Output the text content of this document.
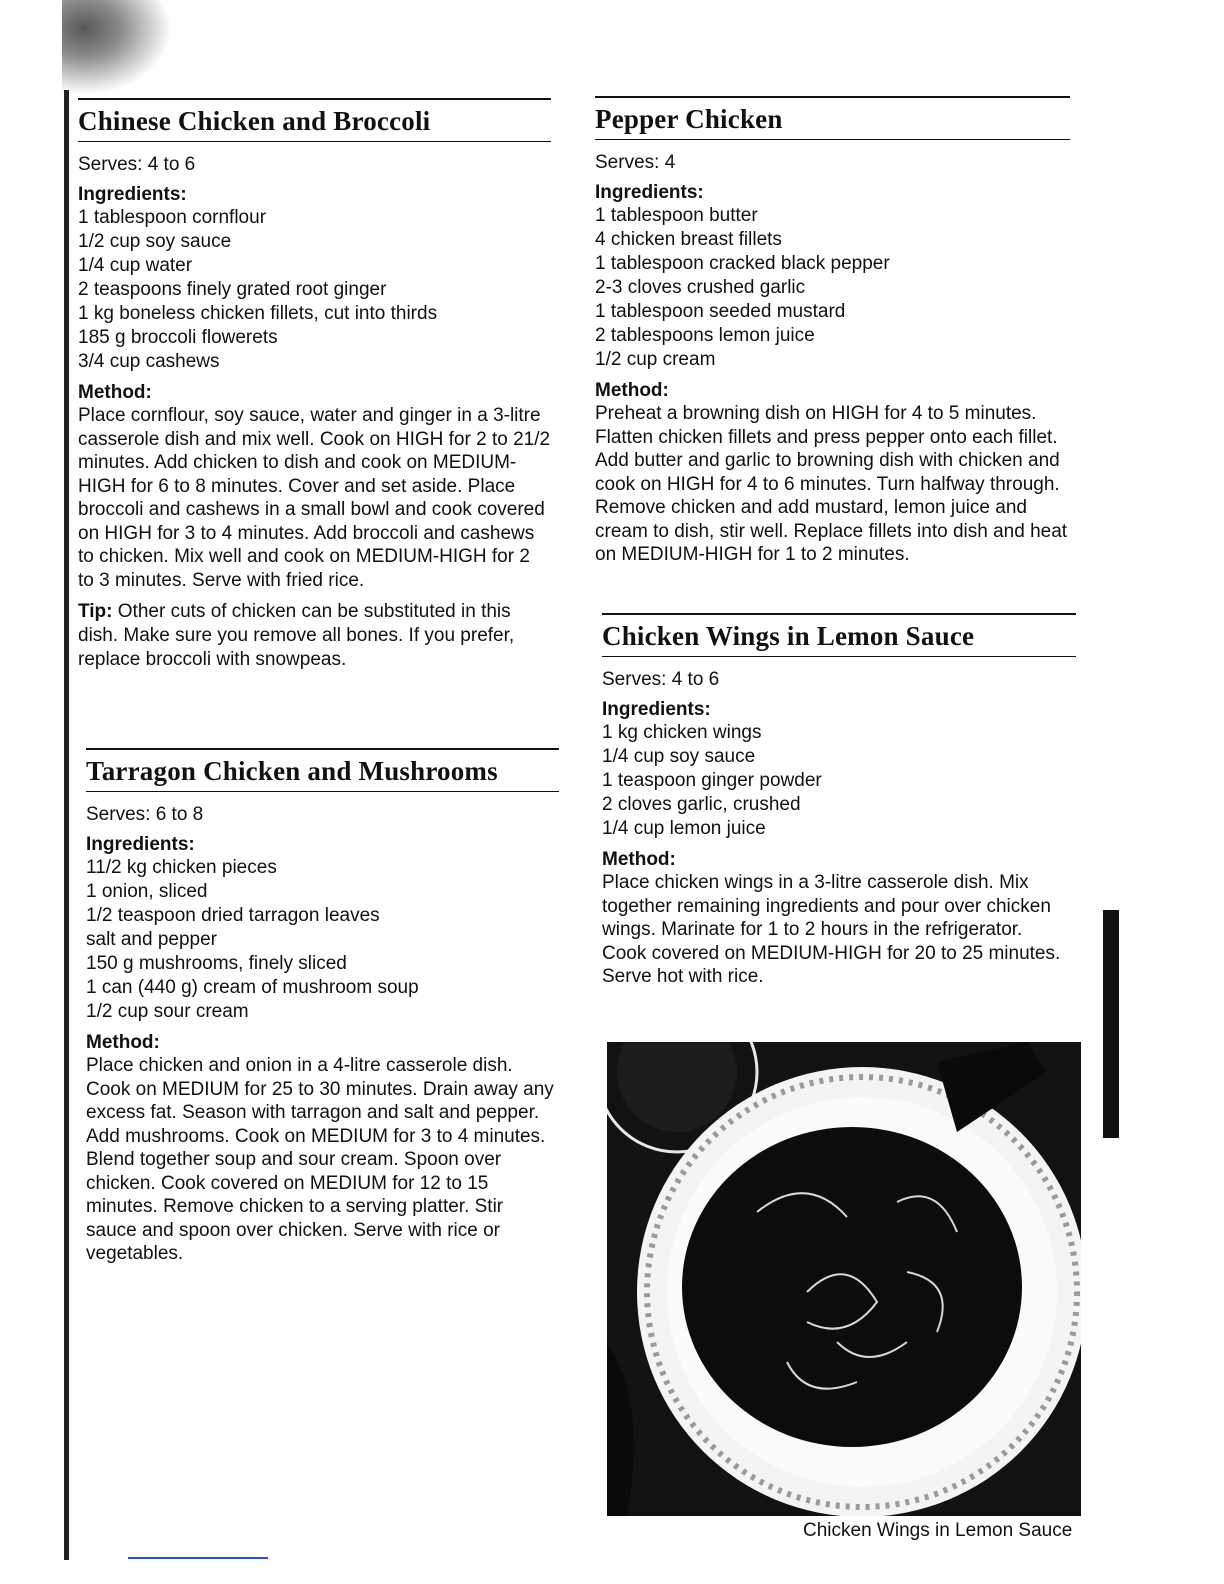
Chinese Chicken and Broccoli
Serves: 4 to 6
Ingredients:
1 tablespoon cornflour
1/2 cup soy sauce
1/4 cup water
2 teaspoons finely grated root ginger
1 kg boneless chicken fillets, cut into thirds
185 g broccoli flowerets
3/4 cup cashews
Method:

Place cornflour, soy sauce, water and ginger in a 3-litre casserole dish and mix well. Cook on HIGH for 2 to 21/2 minutes. Add chicken to dish and cook on MEDIUM-HIGH for 6 to 8 minutes. Cover and set aside. Place broccoli and cashews in a small bowl and cook covered on HIGH for 3 to 4 minutes. Add broccoli and cashews to chicken. Mix well and cook on MEDIUM-HIGH for 2 to 3 minutes. Serve with fried rice.

Tip: Other cuts of chicken can be substituted in this dish. Make sure you remove all bones. If you prefer, replace broccoli with snowpeas.

Tarragon Chicken and Mushrooms
Serves: 6 to 8
Ingredients:
11/2 kg chicken pieces
1 onion, sliced
1/2 teaspoon dried tarragon leaves
salt and pepper
150 g mushrooms, finely sliced
1 can (440 g) cream of mushroom soup
1/2 cup sour cream
Method:

Place chicken and onion in a 4-litre casserole dish. Cook on MEDIUM for 25 to 30 minutes. Drain away any excess fat. Season with tarragon and salt and pepper. Add mushrooms. Cook on MEDIUM for 3 to 4 minutes. Blend together soup and sour cream. Spoon over chicken. Cook covered on MEDIUM for 12 to 15 minutes. Remove chicken to a serving platter. Stir sauce and spoon over chicken. Serve with rice or vegetables.

Pepper Chicken
Serves: 4
Ingredients:
1 tablespoon butter
4 chicken breast fillets
1 tablespoon cracked black pepper
2-3 cloves crushed garlic
1 tablespoon seeded mustard
2 tablespoons lemon juice
1/2 cup cream
Method:

Preheat a browning dish on HIGH for 4 to 5 minutes. Flatten chicken fillets and press pepper onto each fillet. Add butter and garlic to browning dish with chicken and cook on HIGH for 4 to 6 minutes. Turn halfway through. Remove chicken and add mustard, lemon juice and cream to dish, stir well. Replace fillets into dish and heat on MEDIUM-HIGH for 1 to 2 minutes.

Chicken Wings in Lemon Sauce
Serves: 4 to 6
Ingredients:
1 kg chicken wings
1/4 cup soy sauce
1 teaspoon ginger powder
2 cloves garlic, crushed
1/4 cup lemon juice
Method:

Place chicken wings in a 3-litre casserole dish. Mix together remaining ingredients and pour over chicken wings. Marinate for 1 to 2 hours in the refrigerator.

Cook covered on MEDIUM-HIGH for 20 to 25 minutes. Serve hot with rice.

Chicken Wings in Lemon Sauce
